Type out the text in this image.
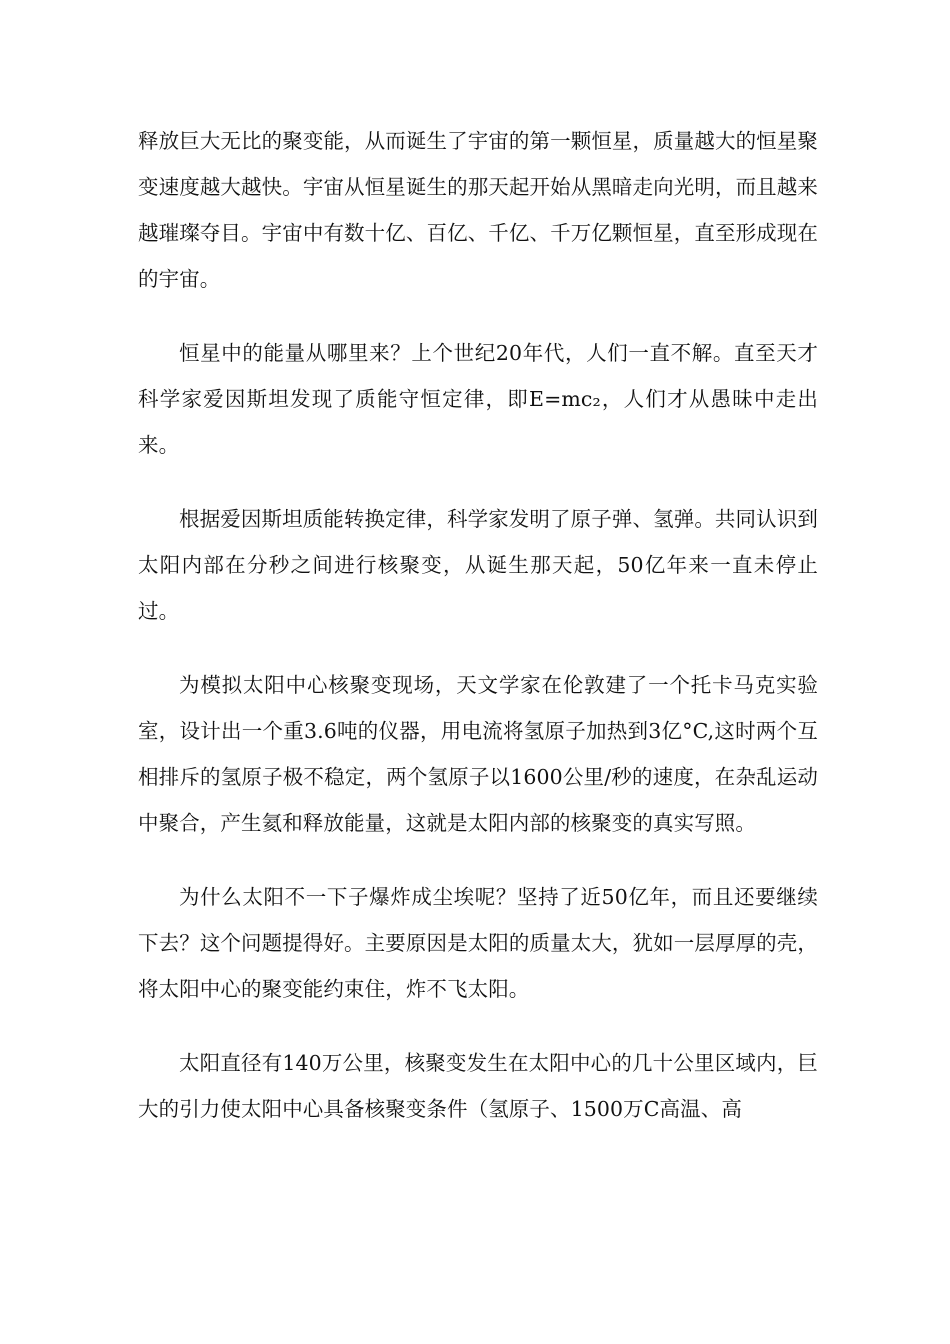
释放巨大无比的聚变能，从而诞生了宇宙的第一颗恒星，质量越大的恒星聚变速度越大越快。宇宙从恒星诞生的那天起开始从黑暗走向光明，而且越来越璀璨夺目。宇宙中有数十亿、百亿、千亿、千万亿颗恒星，直至形成现在的宇宙。

恒星中的能量从哪里来？上个世纪20年代，人们一直不解。直至天才科学家爱因斯坦发现了质能守恒定律，即E=mc₂，人们才从愚昧中走出来。

根据爱因斯坦质能转换定律，科学家发明了原子弹、氢弹。共同认识到太阳内部在分秒之间进行核聚变，从诞生那天起，50亿年来一直未停止过。

为模拟太阳中心核聚变现场，天文学家在伦敦建了一个托卡马克实验室，设计出一个重3.6吨的仪器，用电流将氢原子加热到3亿°C,这时两个互相排斥的氢原子极不稳定，两个氢原子以1600公里/秒的速度，在杂乱运动中聚合，产生氦和释放能量，这就是太阳内部的核聚变的真实写照。

为什么太阳不一下子爆炸成尘埃呢？坚持了近50亿年，而且还要继续下去？这个问题提得好。主要原因是太阳的质量太大，犹如一层厚厚的壳，将太阳中心的聚变能约束住，炸不飞太阳。

太阳直径有140万公里，核聚变发生在太阳中心的几十公里区域内，巨大的引力使太阳中心具备核聚变条件（氢原子、1500万C高温、高
